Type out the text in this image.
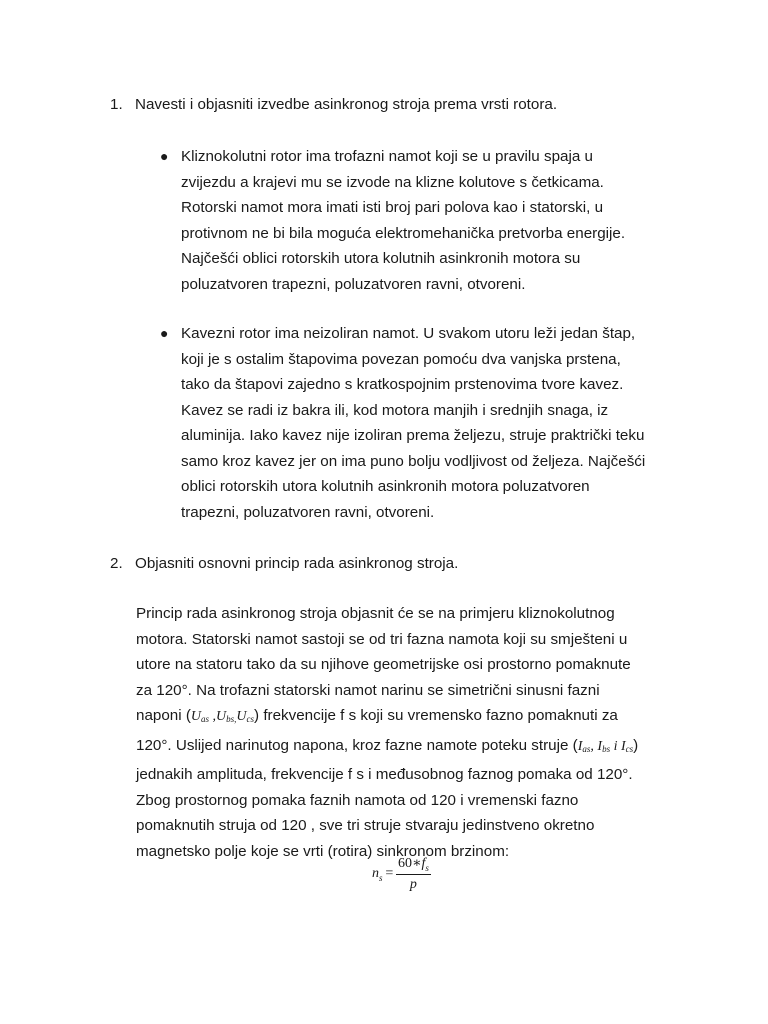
1. Navesti i objasniti izvedbe asinkronog stroja prema vrsti rotora.
● Kliznokolutni rotor ima trofazni namot koji se u pravilu spaja u
zvijezdu a krajevi mu se izvode na klizne kolutove s četkicama.
Rotorski namot mora imati isti broj pari polova kao i statorski, u
protivnom ne bi bila moguća elektromehanička pretvorba energije.
Najčešći oblici rotorskih utora kolutnih asinkronih motora su
poluzatvoren trapezni, poluzatvoren ravni, otvoreni.
● Kavezni rotor ima neizoliran namot. U svakom utoru leži jedan štap,
koji je s ostalim štapovima povezan pomoću dva vanjska prstena,
tako da štapovi zajedno s kratkospojnim prstenovima tvore kavez.
Kavez se radi iz bakra ili, kod motora manjih i srednjih snaga, iz
aluminija. Iako kavez nije izoliran prema željezu, struje praktrički teku
samo kroz kavez jer on ima puno bolju vodljivost od željeza. Najčešći
oblici rotorskih utora kolutnih asinkronih motora poluzatvoren
trapezni, poluzatvoren ravni, otvoreni.
2. Objasniti osnovni princip rada asinkronog stroja.
Princip rada asinkronog stroja objasnit će se na primjeru kliznokolutnog
motora. Statorski namot sastoji se od tri fazna namota koji su smješteni u
utore na statoru tako da su njihove geometrijske osi prostorno pomaknute
za 120°. Na trofazni statorski namot narinu se simetrični sinusni fazni
naponi ($U_{as}$ $,U_{bs,}U_{cs}$) frekvencije f s koji su vremensko fazno pomaknuti za
120°. Uslijed narinutog napona, kroz fazne namote poteku struje ($I_{as}$, $I_{bs}$ i $I_{cs}$)
jednakih amplituda, frekvencije f s i međusobnog faznog pomaka od 120°.
Zbog prostornog pomaka faznih namota od 120 i vremenski fazno
pomaknutih struja od 120 , sve tri struje stvaraju jedinstveno okretno
magnetsko polje koje se vrti (rotira) sinkronom brzinom:
$n_s = \frac{60∗f_s}{p}$
